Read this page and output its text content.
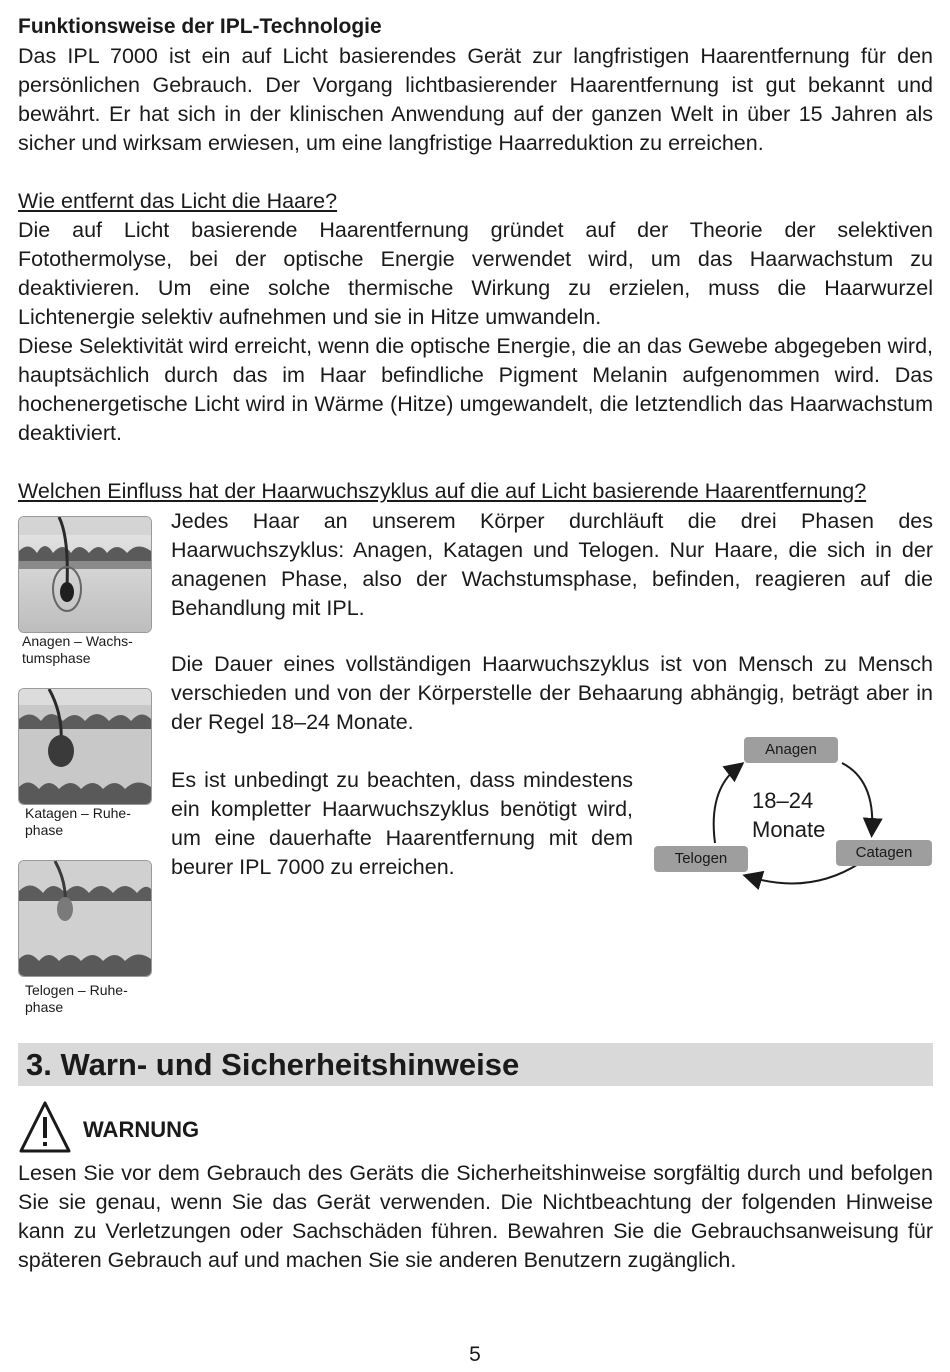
Funktionsweise der IPL-Technologie

Das IPL 7000 ist ein auf Licht basierendes Gerät zur langfristigen Haarentfernung für den persönlichen Gebrauch. Der Vorgang lichtbasierender Haarentfernung ist gut bekannt und bewährt. Er hat sich in der klinischen Anwendung auf der ganzen Welt in über 15 Jahren als sicher und wirksam erwiesen, um eine langfristige Haarreduktion zu erreichen.

Wie entfernt das Licht die Haare?

Die auf Licht basierende Haarentfernung gründet auf der Theorie der selektiven Fotothermolyse, bei der optische Energie verwendet wird, um das Haarwachstum zu deaktivieren. Um eine solche thermische Wirkung zu erzielen, muss die Haarwurzel Lichtenergie selektiv aufnehmen und sie in Hitze umwandeln.

Diese Selektivität wird erreicht, wenn die optische Energie, die an das Gewebe abgegeben wird, hauptsächlich durch das im Haar befindliche Pigment Melanin aufgenommen wird. Das hochenergetische Licht wird in Wärme (Hitze) umgewandelt, die letztendlich das Haarwachstum deaktiviert.

Welchen Einfluss hat der Haarwuchszyklus auf die auf Licht basierende Haarentfernung?
Anagen – Wachs-
tumsphase
Katagen – Ruhe-
phase
Telogen – Ruhe-
phase

Jedes Haar an unserem Körper durchläuft die drei Phasen des Haarwuchszyklus: Anagen, Katagen und Telogen. Nur Haare, die sich in der anagenen Phase, also der Wachstumsphase, befinden, reagieren auf die Behandlung mit IPL.

Die Dauer eines vollständigen Haarwuchszyklus ist von Mensch zu Mensch verschieden und von der Körperstelle der Behaarung abhängig, beträgt aber in der Regel 18–24 Monate.

Es ist unbedingt zu beachten, dass mindestens ein kompletter Haarwuchszyklus benötigt wird, um eine dauerhafte Haarentfernung mit dem beurer IPL 7000 zu erreichen.

Anagen
Catagen
Telogen
18–24
Monate
3. Warn- und Sicherheitshinweise
WARNUNG

Lesen Sie vor dem Gebrauch des Geräts die Sicherheitshinweise sorgfältig durch und befolgen Sie sie genau, wenn Sie das Gerät verwenden. Die Nichtbeachtung der folgenden Hinweise kann zu Verletzungen oder Sachschäden führen. Bewahren Sie die Gebrauchsanweisung für späteren Gebrauch auf und machen Sie sie anderen Benutzern zugänglich.

5
